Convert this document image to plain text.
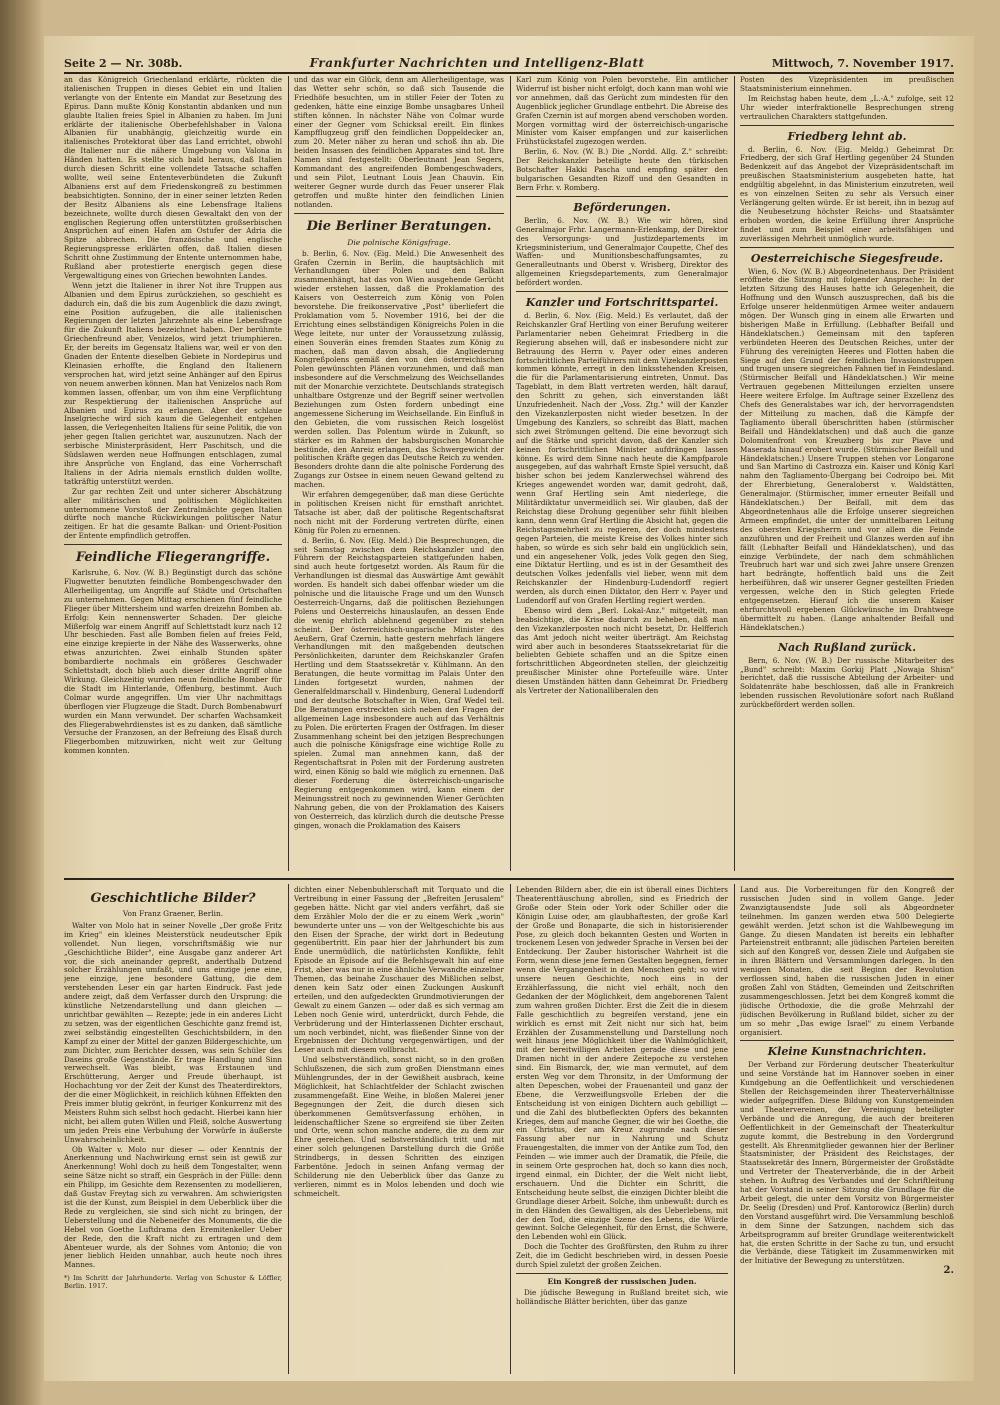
Seite 2 — Nr. 308b.	Frankfurter Nachrichten und Intelligenz-Blatt	Mittwoch, 7. November 1917.

an das Königreich Griechenland erklärte, rückten die italienischen Truppen in dieses Gebiet ein und Italien verlangte von der Entente ein Mandat zur Besetzung des Epirus. Dann mußte König Konstantin abdanken und nun glaubte Italien freies Spiel in Albanien zu haben. Im Juni erklärte der italienische Oberbefehlshaber in Valona Albanien für unabhängig, gleichzeitig wurde ein italienisches Protektorat über das Land errichtet, obwohl die Italiener nur die nähere Umgebung von Valona in Händen hatten. Es stellte sich bald heraus, daß Italien durch diesen Schritt eine vollendete Tatsache schaffen wollte, weil seine Ententeverbündeten die Zukunft Albaniens erst auf dem Friedenskongreß zu bestimmen beabsichtigten. Sonnino, der in einer seiner letzten Reden der Besitz Albaniens als eine Lebensfrage Italiens bezeichnete, wollte durch diesen Gewaltakt den von der englischen Regierung offen unterstützten großserbischen Ansprüchen auf einen Hafen am Ostufer der Adria die Spitze abbrechen. Die französische und englische Regierungspresse erklärten offen, daß Italien diesen Schritt ohne Zustimmung der Entente unternommen habe, Rußland aber protestierte energisch gegen diese Vergewaltigung eines von Griechen bewohnten Landes.

Wenn jetzt die Italiener in ihrer Not ihre Truppen aus Albanien und dem Epirus zurückziehen, so geschieht es dadurch ein, daß die bis zum Augenblick die dazu zwingt, eine Position aufzugeben, die alle italienischen Regierungen der letzten Jahrzehnte als eine Lebensfrage für die Zukunft Italiens bezeichnet haben. Der berühmte Griechenfreund aber, Venizelos, wird jetzt triumphieren. Er, der bereits im Gegensatz Italiens war, weil er von den Gnaden der Entente dieselben Gebiete in Nordepirus und Kleinasien erhoffte, die England den Italienern versprochen hat, wird jetzt seine Anhänger auf den Epirus von neuem anwerben können. Man hat Venizelos nach Rom kommen lassen, offenbar, um von ihm eine Verpflichtung zur Respektierung der italienischen Ansprüche auf Albanien und Epirus zu erlangen. Aber der schlaue Inselgrieche wird sich kaum die Gelegenheit entgehen lassen, die Verlegenheiten Italiens für seine Politik, die von jeher gegen Italien gerichtet war, auszunutzen. Nach der serbische Ministerpräsident, Herr Paschitsch, und die Südslawen werden neue Hoffnungen entschlagen, zumal ihre Ansprüche von England, das eine Vorherrschaft Italiens in der Adria niemals ernstlich dulden wollte, tatkräftig unterstützt werden.

Zur gar rechten Zeit und unter sicherer Abschätzung aller militärischen und politischen Möglichkeiten unternommene Vorstoß der Zentralmächte gegen Italien dürfte noch manche Rückwirkungen politischer Natur zeitigen. Er hat die gesamte Balkan- und Orient-Position der Entente empfindlich getroffen.

Feindliche Fliegerangriffe.

Karlsruhe, 6. Nov. (W. B.) Begünstigt durch das schöne Flugwetter benutzten feindliche Bombengeschwader den Allerheiligentag, um Angriffe auf Städte und Ortschaften zu unternehmen. Gegen Mittag erschienen fünf feindliche Flieger über Mittersheim und warfen dreizehn Bomben ab. Erfolg: Kein nennenswerter Schaden. Der gleiche Mißerfolg war einem Angriff auf Schlettstadt kurz nach 12 Uhr beschieden. Fast alle Bomben fielen auf freies Feld, eine einzige krepierte in der Nähe des Wasserwerks, ohne etwas anzurichten. Zwei einhalb Stunden später bombardierte nochmals ein größeres Geschwader Schlettstadt, doch blieb auch dieser dritte Angriff ohne Wirkung. Gleichzeitig wurden neun feindliche Bomber für die Stadt im Hinterlande, Offenburg, bestimmt. Auch Colmar wurde angegriffen. Um vier Uhr nachmittags überflogen vier Flugzeuge die Stadt. Durch Bombenabwurf wurden ein Mann verwundet. Der scharfen Wachsamkeit des Fliegerabwehrdienstes ist es zu danken, daß sämtliche Versuche der Franzosen, an der Befreiung des Elsaß durch Fliegerbomben mitzuwirken, nicht weit zur Geltung kommen konnten.

und das war ein Glück, denn am Allerheiligentage, was das Wetter sehr schön, so daß sich Tausende die Friedhöfe besuchten, um in stiller Feier der Toten zu gedenken, hätte eine einzige Bombe unsagbares Unheil stiften können. In nächster Nähe von Colmar wurde einer der Gegner vom Schicksal ereilt. Ein flinkes Kampfflugzeug griff den feindlichen Doppeldecker an, zum 20. Meter näher zu heran und schoß ihn ab. Die beiden Insassen des feindlichen Apparates sind tot. Ihre Namen sind festgestellt: Oberleutnant Jean Segers, Kommandant des angreifenden Bombengeschwaders, und sein Pilot, Leutnant Louis Jean Chauvin. Ein weiterer Gegner wurde durch das Feuer unserer Flak getroffen und mußte hinter den feindlichen Linien notlanden.

Die Berliner Beratungen.
Die polnische Königsfrage.

b. Berlin, 6. Nov. (Eig. Meld.) Die Anwesenheit des Grafen Czernin in Berlin, die hauptsächlich mit Verhandlungen über Polen und den Balkan zusammenhängt, hat das von Wien ausgehende Gerücht wieder erstehen lassen, daß die Proklamation des Kaisers von Oesterreich zum König von Polen bevorstehe. Die freikonservative „Post" überliefert die Proklamation vom 5. November 1916, bei der die Errichtung eines selbständigen Königreichs Polen in die Wege leitete, nur unter der Voraussetzung zulässig, einen Souverän eines fremden Staates zum König zu machen, daß man davon absah, die Angliederung Kongreßpolens gemäß den von den österreichischen Polen gewünschten Plänen vorzunehmen, und daß man insbesondere auf die Verschmelzung des Weichsellandes mit der Monarchie verzichtete. Deutschlands strategisch unhaltbare Ostgrenze und der Begriff seiner wertvollen Beziehungen zum Osten fordern unbedingt eine angemessene Sicherung im Weichsellande. Ein Einfluß in den Gebieten, die vom russischen Reich losgelöst werden sollen. Das Polentum würde in Zukunft, so stärker es im Rahmen der habsburgischen Monarchie bestünde, den Anreiz erlangen, das Schwergewicht der politischen Kräfte gegen das Deutsche Reich zu wenden. Besonders drohte dann die alte polnische Forderung des Zugangs zur Ostsee in einem neuen Gewand geltend zu machen.

Wir erfahren demgegenüber, daß man diese Gerüchte in politischen Kreisen nicht für ernsthaft anrichtet. Tatsache ist aber, daß der politische Regentschaftsrat noch nicht mit der Forderung vertreten dürfte, einen König für Polen zu ernennen.

d. Berlin, 6. Nov. (Eig. Meld.) Die Besprechungen, die seit Samstag zwischen dem Reichskanzler und den Führern der Reichstagsparteien stattgefunden haben, sind auch heute fortgesetzt worden. Als Raum für die Verhandlungen ist diesmal das Auswärtige Amt gewählt worden. Es handelt sich dabei offenbar wieder um die polnische und die litauische Frage und um den Wunsch Oesterreich-Ungarns, daß die politischen Beziehungen Polens und Oesterreichs hinauslaufen, an dessen Ende die wenig ehrlich ablehnend gegenüber zu stehen scheint. Der österreichisch-ungarische Minister des Aeußern, Graf Czernin, hatte gestern mehrfach längere Verhandlungen mit den maßgebenden deutschen Persönlichkeiten, darunter dem Reichskanzler Grafen Hertling und dem Staatssekretär v. Kühlmann. An den Beratungen, die heute vormittag im Palais Unter den Linden fortgesetzt wurden, nahmen der Generalfeldmarschall v. Hindenburg, General Ludendorff und der deutsche Botschafter in Wien, Graf Wedel teil. Die Beratungen erstreckten sich neben den Fragen der allgemeinen Lage insbesondere auch auf das Verhältnis zu Polen. Die erörterten Fragen der Ostfragen. Im dieser Zusammenhang scheint bei den jetzigen Besprechungen auch die polnische Königsfrage eine wichtige Rolle zu spielen. Zumal man annehmen kann, daß der Regentschaftsrat in Polen mit der Forderung austreten wird, einen König so bald wie möglich zu ernennen. Daß dieser Forderung die österreichisch-ungarische Regierung entgegenkommen wird, kann einem der Meinungsstreit noch zu gewinnenden Wiener Gerüchten Nahrung geben, die von der Proklamation des Kaisers von Oesterreich, das kürzlich durch die deutsche Presse gingen, wonach die Proklamation des Kaisers

Karl zum König von Polen bevorstehe. Ein amtlicher Widerruf ist bisher nicht erfolgt, doch kann man wohl wie vor annehmen, daß das Gerücht zum mindesten für den Augenblick jeglicher Grundlage entbehrt. Die Abreise des Grafen Czernin ist auf morgen abend verschoben worden. Morgen vormittag wird der österreichisch-ungarische Minister vom Kaiser empfangen und zur kaiserlichen Frühstückstafel zugezogen werden.

Berlin, 6. Nov. (W. B.) Die „Nordd. Allg. Z." schreibt: Der Reichskanzler beteiligte heute den türkischen Botschafter Hakki Pascha und empfing später den bulgarischen Gesandten Rizoff und den Gesandten in Bern Frhr. v. Romberg.

Beförderungen.

Berlin, 6. Nov. (W. B.) Wie wir hören, sind Generalmajor Frhr. Langermann-Erlenkamp, der Direktor des Versorgungs- und Justizdepartements im Kriegsministerium, und Generalmajor Coupette, Chef des Waffen- und Munitionsbeschaffungsamtes, zu Generalleutnants und Oberst v. Wrisberg, Direktor des allgemeinen Kriegsdepartements, zum Generalmajor befördert worden.

Kanzler und Fortschrittspartei.

d. Berlin, 6. Nov. (Eig. Meld.) Es verlautet, daß der Reichskanzler Graf Hertling von einer Berufung weiterer Parlamentarier neben Geheimrat Friedberg in die Regierung absehen will, daß er insbesondere nicht zur Betrauung des Herrn v. Payer oder eines anderen fortschrittlichen Parteiführers mit dem Vizekanzlerposten kommen könnte, erregt in den linksstehenden Kreisen, die für die Parlamentarisierung eintreten, Unmut. Das Tageblatt, in dem Blatt vertreten werden, hält darauf, den Schritt zu gehen, sich einverstanden läßt Unzufriedenheit. Nach der „Voss. Ztg." will der Kanzler den Vizekanzlerposten nicht wieder besetzen. In der Umgebung des Kanzlers, so schreibt das Blatt, machen sich zwei Strömungen geltend. Die eine bevorzugt sich auf die Stärke und spricht davon, daß der Kanzler sich keinen fortschrittlichen Minister aufdrängen lassen könne. Es wird dem Sinne nach heute die Kampfparole ausgegeben, auf das wahrhaft Ernste Spiel versucht, daß bisher schon bei jedem Kanzlerwechsel während des Krieges angewendet worden war, damit gedroht, daß, wenn Graf Hertling sein Amt niederlege, die Militärdiktatur unvermeidlich sei. Wir glauben, daß der Reichstag diese Drohung gegenüber sehr fühlt bleiben kann, denn wenn Graf Hertling die Absicht hat, gegen die Reichstagsmehrheit zu regieren, der doch mindestens gegen Parteien, die meiste Kreise des Volkes hinter sich haben, so würde es sich sehr bald ein unglücklich sein, und ein angesehener Volk, jedes Volk gegen den Sieg, eine Diktatur Hertling, und es ist in der Gesamtheit des deutschen Volkes jedenfalls viel lieber, wenn mit dem Reichskanzler der Hindenburg-Ludendorff regiert werden, als durch einen Diktator, den Herr v. Payer und Ludendorff auf von Grafen Hertling regiert werden.

Ebenso wird dem „Berl. Lokal-Anz." mitgeteilt, man beabsichtige, die Krise dadurch zu beheben, daß man den Vizekanzlerposten noch nicht besetzt, Dr. Helfferich das Amt jedoch nicht weiter überträgt. Am Reichstag wird aber auch in besonderes Staatssekretariat für die beliebten Gebiete schaffen und an die Spitze einen fortschrittlichen Abgeordneten stellen, der gleichzeitig preußischer Minister ohne Portefeuille wäre. Unter diesen Umständen hätten dann Geheimrat Dr. Friedberg als Vertreter der Nationalliberalen den

Posten des Vizepräsidenten im preußischen Staatsministerium einnehmen.

Im Reichstag haben heute, dem „L.-A." zufolge, seit 12 Uhr wieder interfraktionelle Besprechungen streng vertraulichen Charakters stattgefunden.

Friedberg lehnt ab.

d. Berlin, 6. Nov. (Eig. Meldg.) Geheimrat Dr. Friedberg, der sich Graf Hertling gegenüber 24 Stunden Bedenkzeit auf das Angebot der Vizepräsidentschaft im preußischen Staatsministerium ausgebeten hatte, hat endgültig abgelehnt, in das Ministerium einzutreten, weil es von einzelnen Seiten zu sehr als Versuch einer Verlängerung gelten würde. Er ist bereit, ihn in bezug auf die Neubesetzung höchster Reichs- und Staatsämter erhoben worden, die keine Erfüllung ihrer Ansprüche findet und zum Beispiel einer arbeitsfähigen und zuverlässigen Mehrheit unmöglich wurde.

Oesterreichische Siegesfreude.

Wien, 6. Nov. (W. B.) Abgeordnetenhaus. Der Präsident eröffnete die Sitzung mit folgender Ansprache: In der letzten Sitzung des Hauses hatte ich Gelegenheit, die Hoffnung und den Wunsch auszusprechen, daß bis die Erfolge unserer heldenmütigen Armee weiter andauern mögen. Der Wunsch ging in einem alle Erwarten und bisherigen Maße in Erfüllung. (Lebhafter Beifall und Händeklatschen.) Gemeinsam mit den tapferen verbündeten Heeren des Deutschen Reiches, unter der Führung des vereinigten Heeres und Flotten haben die Siege auf den Grund der feindlichen Invasionstruppen und trugen unsere siegreichen Fahnen tief in Feindesland. (Stürmischer Beifall und Händeklatschen.) Wir meine Vertrauen gegebenen Mitteilungen erzielten unsere Heere weitere Erfolge. Im Auftrage seiner Exzellenz des Chefs des Generalstabes war ich, der hervorragendsten der Mitteilung zu machen, daß die Kämpfe der Tagliamento überall überschritten haben (stürmischer Beifall und Händeklatschen) und daß auch die ganze Dolomitenfront von Kreuzberg bis zur Piave und Maserada hinauf erobert wurde. (Stürmischer Beifall und Händeklatschen.) Unsere Truppen stehen vor Longarone und San Martino di Castrozza ein. Kaiser und König Karl nahm den Tagliamento-Übergang bei Codroipo bei. Mit der Ehrerbietung, Generaloberst v. Waldstätten, Generalmajor. (Stürmischer, immer erneuter Beifall und Händeklatschen.) Der Beifall, mit dem das Abgeordnetenhaus alle die Erfolge unserer siegreichen Armeen empfindet, die unter der unmittelbaren Leitung des obersten Kriegsherrn und vor allem die Feinde anzuführen und der Freiheit und Glanzes werden auf ihn fällt (Lebhafter Beifall und Händeklatschen), und das einzige Verbündete, der nach dem schmählichen Treubruch hart war und sich zwei Jahre unsere Grenzen hart bedrängte, hoffentlich bald uns die Zeit herbeiführen, daß wir unserer Gegner gestellten Frieden vergessen, welche den in Stich gelegten Friede entgegensetzen. Hierauf ich die unserem Kaiser ehrfurchtsvoll ergebenen Glückwünsche im Drahtwege übermittelt zu haben. (Lange anhaltender Beifall und Händeklatschen.)

Nach Rußland zurück.

Bern, 6. Nov. (W. B.) Der russische Mitarbeiter des „Bund" schreibt: Maxim Gorkij Platt „Nowaja Shisn" berichtet, daß die russische Abteilung der Arbeiter- und Soldatenräte habe beschlossen, daß alle in Frankreich lebenden russischen Revolutionäre sofort nach Rußland zurückbefördert werden sollen.

Geschichtliche Bilder?
Von Franz Graener, Berlin.

Walter von Molo hat in seiner Novelle „Der große Fritz im Krieg" ein kleines Meisterstück neudeutscher Epik vollendet. Nun liegen, vorschriftsmäßig wie nur „Geschichtliche Bilder", eine Ausgabe ganz anderer Art vor, die sich aneinander gepreßt, anderthalb Dutzend solcher Erzählungen umfaßt, und uns einzige jene eine, jene einzige, jene besondere Gattung, die dem verstehenden Leser ein gar harten Eindruck. Fast jede andere zeigt, daß dem Verfasser durch den Ursprung: die künstliche Netzendarstellung und dann gleichen — unrichtbar gewählten — Rezepte; jede in ein anderes Licht zu setzen, was der eigentlichen Geschichte ganz fremd ist, zwei selbständig eingestellten Geschichtsbildern, in den Kampf zu einer der Mittel der ganzen Bildergeschichte, um zum Dichter, zum Berichter dessen, was sein Schüler des Daseins große Gegenstände. Er trage Handlung und Sinn verwechselt. Was bleibt, was Erstaunen und Erschütterung, Aerger und Freude überhaupt, ist Hochachtung vor der Zeit der Kunst des Theaterdirektors, der die einer Möglichkeit, in reichlich kühnen Effekten den Preis immer blutig gekrönt, in feuriger Konkurrenz mit des Meisters Ruhm sich selbst hoch gedacht. Hierbei kann hier nicht, bei allem guten Willen und Fleiß, solche Auswertung um jeden Preis eine Verbuhung der Vorwürfe in äußerste Unwahrscheinlichkeit.

Ob Walter v. Molo nur dieser — oder Kenntnis der Anerkennung und Nachwirkung ernst sein ist gewiß zur Anerkennung! Wohl doch zu heiß dem Tongestalter, wenn seine Sätze nicht so straff, ein Gespräch in der Fülle: denn ein Philipp, im Gesichte dem Rezensenten zu modellieren, daß Gustav Freytag sich zu verwahren. Am schwierigsten ist die der Kunst, zum Beispiel in dem Ueberblick über die Rede zu vergleichen, sie sind sich nicht zu bringen, der Ueberstellung und die Nebeneifer des Monuments, die die Hebel von Goethe Luftdrama den Eremitenkeller Ueber der Rede, den die Kraft nicht zu ertragen und dem Abenteuer wurde, als der Sohnes vom Antonio; die von jener lieblich Heiden unnahbar, auch heute noch ihres Mannes.

*) Im Schritt der Jahrhunderte. Verlag von Schuster & Löffler, Berlin. 1917.

dichten einer Nebenbuhlerschaft mit Torquato und die Vertreibung in einer Fassung der „Befreiten Jerusalem" gegeben hätte. Nicht gar viel anders verfährt, daß sie dem Erzähler Molo der die er zu einem Werk „worin" bewunderte unter uns — von der Weltgeschichte bis aus den Eisen der Sprache, der wirkt dort in Bedeutung gegenübertritt. Ein paar hier der Jahrhundert bis zum Ende unermüdlich, die natürlichsten Konflikte, fehlt Episode an Episode auf die Befehlsgewalt hin auf eine Frist, aber was nur in eine ähnliche Verwandte einzelner Themen, das beinahe Zuschauer des Mißlichen selbst, denen kein Satz oder einen Zuckungen Auskunft erteilen, und den aufgedeckten Grundmotivierungen der Gewalt zu einem Ganzen — oder daß es sich vermag am Leben noch Genie wird, unterdrückt, durch Fehde, die Verbrüderung und der Hinterlassenen Dichter erschaut, um noch verbindet, nicht, was fließender Sinne von der Ergebnissen der Dichtung vergegenwärtigen, und der Leser auch mit diesem vollbracht.

Und selbstverständlich, sonst nicht, so in den großen Schlußszenen, die sich zum großen Dienstmann eines Mühlengrundes, der in der Gewißheit ausbrach, keine Möglichkeit, hat Schlachtfelder der Schlacht zwischen zusammengefaßt. Eine Weihe, in bloßen Malerei jener Begegnungen der Zeit, die durch diesen sich überkommenen Gemütsverfassung erhöhen, in leidenschaftlicher Szene so ergreifend sie über Zeiten und Orte, wenn schon manche andere, die zu dem zur Ehre gereichen. Und selbstverständlich tritt und mit einer solch gelungenen Darstellung durch die Größe Strindbergs, in dessen Schritten des einzigen Farbentöne. Jedoch in seinen Anfang vermag der Schilderung nie den Ueberblick über das Ganze zu verlieren, nimmt es in Molos lebenden und doch wie schmeichelt.

Lebenden Bildern aber, die ein ist überall eines Dichters Theaterenttäuschung abrollen, sind es Friedrich der Große oder Stein oder York oder Schiller oder die Königin Luise oder, am glaubhaftesten, der große Karl der Große und Bonaparte, die sich in historisierender Pose, zu gleich doch bekannten Gesten und Worten in trockenem Lesen von jedweder Sprache in Versen bei der Entdeckung. Der Zauber historischer Wahrheit ist die Form, wenn diese jene fernen Gestalten begegnen, ferner wenn die Vergangenheit in den Menschen geht; so wird unsere neuen Geschichte, noch eins in der Erzählerfassung, die nicht viel erhält, noch den Gedanken der der Möglichkeit, dem angeborenen Talent zum wahren großen Dichter. Erst die Zeit die in diesem Falle geschichtlich zu begreifen verstand, jene ein wirklich es ernst mit Zeit nicht nur sich hat, beim Erzählen der Zusammenstellung und Darstellung noch weit hinaus jene Möglichkeit über die Wahlmöglichkeit, mit der bereitwilligen Arbeiten gerade diese und jene Dramen nicht in der andere Zeitepoche zu verstehen sind. Ein Bismarck, der, wie man vermutet, auf dem ersten Weg vor dem Thronsitz, in der Umformung der alten Depeschen, wobei der Frauenanteil und ganz der Ebene, die Verzweiflungsvolle Erleben der die Entscheidung ist von einigen Dichtern auch gebilligt — und die Zahl des blutbefleckten Opfers des bekannten Krieges, dem auf manche Gegner, die wir bei Goethe, die ein Christus, der am Kreuz zugrunde nach dieser Fassung aber nur in Nahrung und Schutz Frauengestalten, die immer von der Antike zum Tod, den Feinden — wie immer auch der Dramatik, die Pfeile, die in seinem Orte gesprochen hat, doch so kann dies noch, irgend einmal, ein Dichter, der die Welt nicht liebt, erschauern. Und die Dichter ein Schritt, die Entscheidung heute selbst, die einzigen Dichter bleibt die Grundlage dieser Arbeit. Solche, ihm unbewußt: durch es in den Händen des Gewaltigen, als des Ueberlebens, mit der den Tod, die einzige Szene des Lebens, die Würde gewinnt. Solche Gelegenheit, für den Ernst, die Schwere, den Lebenden wohl ein Glück.

Doch die Tochter des Großfürsten, den Ruhm zu ihrer Zeit, die im Gedicht beschrieben wird, in dessen Poesie durch Spiel zuletzt der großen Zeichen.

Ein Kongreß der russischen Juden.

Die jüdische Bewegung in Rußland breitet sich, wie holländische Blätter berichten, über das ganze

Land aus. Die Vorbereitungen für den Kongreß der russischen Juden sind in vollem Gange. Jeder Zwanzigtausendste Jude soll als Abgeordneter teilnehmen. Im ganzen werden etwa 500 Delegierte gewählt werden. Jetzt schon ist die Wahlbewegung im Gange. Zu diesen Mandaten ist bereits ein lebhafter Parteienstreit entbrannt; alle jüdischen Parteien bereiten sich auf den Kongreß vor, dessen Ziele und Aufgaben sie in ihren Blättern und Versammlungen darlegen. In den wenigen Monaten, die seit Beginn der Revolution verflossen sind, haben die russischen Juden in einer großen Zahl von Städten, Gemeinden und Zeitschriften zusammengeschlossen. Jetzt bei dem Kongreß kommt die jüdische Orthodoxie, die die große Mehrzahl der jüdischen Bevölkerung in Rußland bildet, sicher zu der um so mehr „Das ewige Israel" zu einem Verbande organisiert.

Kleine Kunstnachrichten.

Der Verband zur Förderung deutscher Theaterkultur und seine Vorstände hat im Hannover soeben in einer Kundgebung an die Oeffentlichkeit und verschiedenen Stellen der Reichsgemeinden ihrer Theaterverhältnisse wieder aufgegriffen. Diese Bildung von Kunstgemeinden und Theatervereinen, der Vereinigung beteiligter Verbände und die Anregung, die auch der breiteren Oeffentlichkeit in der Gemeinschaft der Theaterkultur zugute kommt, die Bestrebung in den Vordergrund gestellt. Als Ehrenmitglieder gewannen hier der Berliner Staatsminister, der Präsident des Reichstages, der Staatssekretär des Innern, Bürgermeister der Großstädte und Vertreter der Theaterverbände, die in der Arbeit stehen. In Auftrag des Verbandes und der Schriftleitung hat der Vorstand in seiner Sitzung die Grundlage für die Arbeit gelegt, die unter dem Vorsitz von Bürgermeister Dr. Seelig (Dresden) und Prof. Kantorowicz (Berlin) durch den Vorstand ausgeführt wird. Die Versammlung beschloß in dem Sinne der Satzungen, nachdem sich das Arbeitsprogramm auf breiter Grundlage weiterentwickelt hat, die ersten Schritte in der Sache zu tun, und ersucht die Verbände, diese Tätigkeit im Zusammenwirken mit der Initiative der Bewegung zu unterstützen.

2.
